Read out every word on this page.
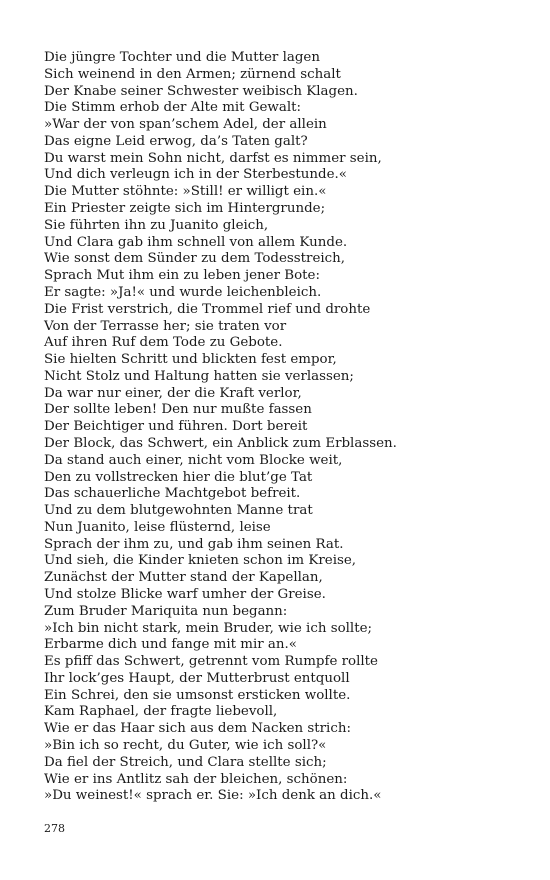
Die jüngre Tochter und die Mutter lagen
Sich weinend in den Armen; zürnend schalt
Der Knabe seiner Schwester weibisch Klagen.
Die Stimm erhob der Alte mit Gewalt:
»War der von span’schem Adel, der allein
Das eigne Leid erwog, da’s Taten galt?
Du warst mein Sohn nicht, darfst es nimmer sein,
Und dich verleugn ich in der Sterbestunde.«
Die Mutter stöhnte: »Still! er willigt ein.«
Ein Priester zeigte sich im Hintergrunde;
Sie führten ihn zu Juanito gleich,
Und Clara gab ihm schnell von allem Kunde.
Wie sonst dem Sünder zu dem Todesstreich,
Sprach Mut ihm ein zu leben jener Bote:
Er sagte: »Ja!« und wurde leichenbleich.
Die Frist verstrich, die Trommel rief und drohte
Von der Terrasse her; sie traten vor
Auf ihren Ruf dem Tode zu Gebote.
Sie hielten Schritt und blickten fest empor,
Nicht Stolz und Haltung hatten sie verlassen;
Da war nur einer, der die Kraft verlor,
Der sollte leben! Den nur mußte fassen
Der Beichtiger und führen. Dort bereit
Der Block, das Schwert, ein Anblick zum Erblassen.
Da stand auch einer, nicht vom Blocke weit,
Den zu vollstrecken hier die blut’ge Tat
Das schauerliche Machtgebot befreit.
Und zu dem blutgewohnten Manne trat
Nun Juanito, leise flüsternd, leise
Sprach der ihm zu, und gab ihm seinen Rat.
Und sieh, die Kinder knieten schon im Kreise,
Zunächst der Mutter stand der Kapellan,
Und stolze Blicke warf umher der Greise.
Zum Bruder Mariquita nun begann:
»Ich bin nicht stark, mein Bruder, wie ich sollte;
Erbarme dich und fange mit mir an.«
Es pfiff das Schwert, getrennt vom Rumpfe rollte
Ihr lock’ges Haupt, der Mutterbrust entquoll
Ein Schrei, den sie umsonst ersticken wollte.
Kam Raphael, der fragte liebevoll,
Wie er das Haar sich aus dem Nacken strich:
»Bin ich so recht, du Guter, wie ich soll?«
Da fiel der Streich, und Clara stellte sich;
Wie er ins Antlitz sah der bleichen, schönen:
»Du weinest!« sprach er. Sie: »Ich denk an dich.«
278
